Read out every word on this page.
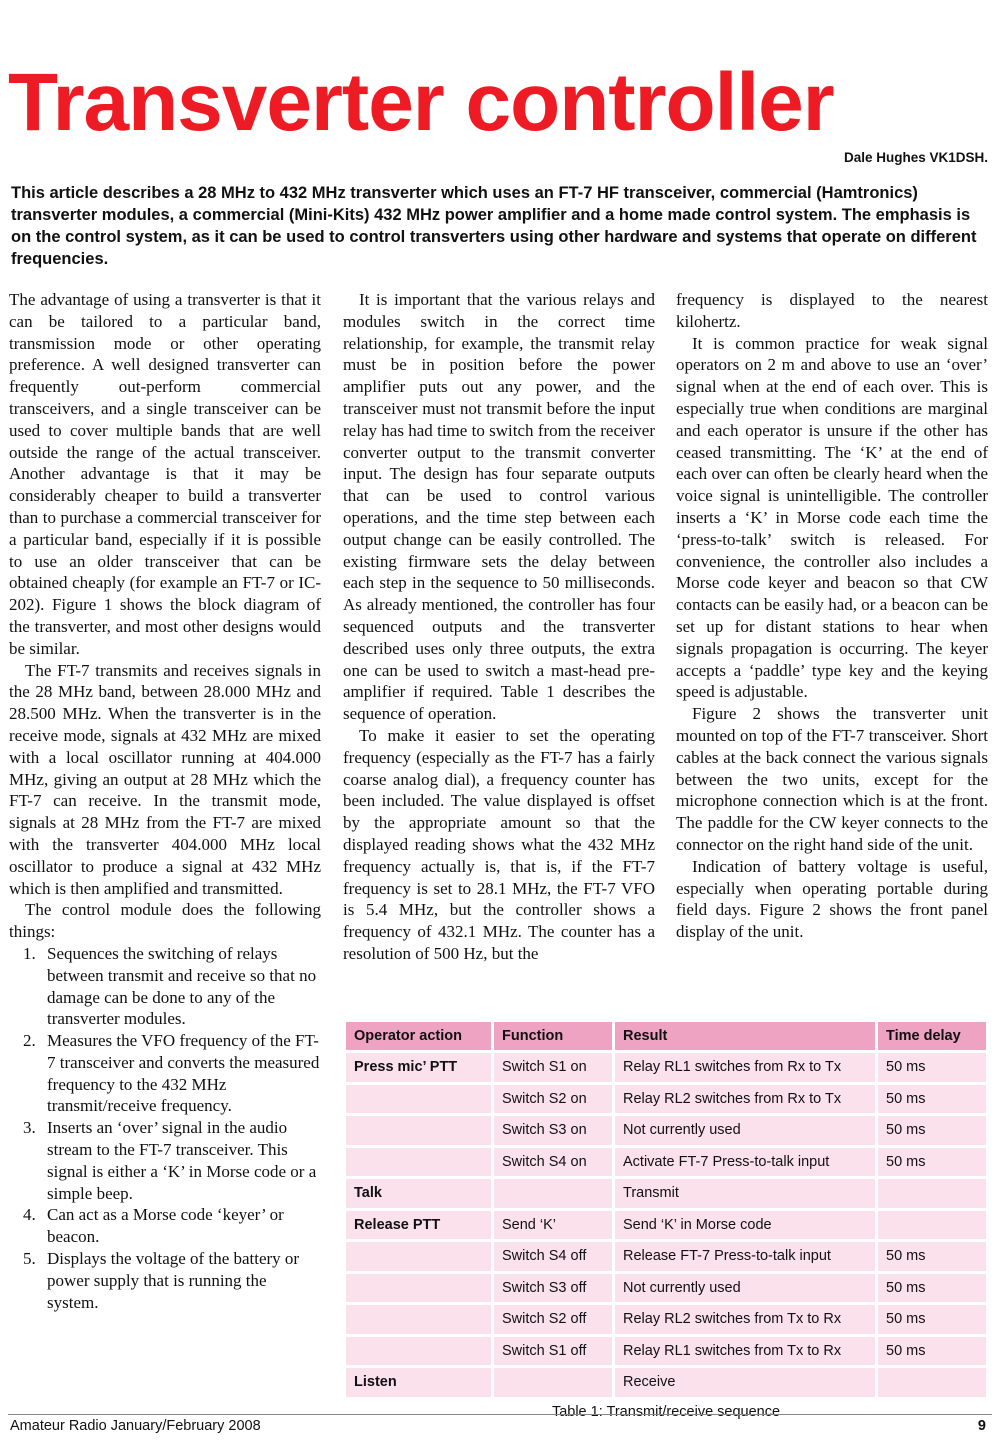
Transverter controller
Dale Hughes VK1DSH.

This article describes a 28 MHz to 432 MHz transverter which uses an FT-7 HF transceiver, commercial (Hamtronics) transverter modules, a commercial (Mini-Kits) 432 MHz power amplifier and a home made control system. The emphasis is on the control system, as it can be used to control transverters using other hardware and systems that operate on different frequencies.

The advantage of using a transverter is that it can be tailored to a particular band, transmission mode or other operating preference. A well designed transverter can frequently out-perform commercial transceivers, and a single transceiver can be used to cover multiple bands that are well outside the range of the actual transceiver. Another advantage is that it may be considerably cheaper to build a transverter than to purchase a commercial transceiver for a particular band, especially if it is possible to use an older transceiver that can be obtained cheaply (for example an FT-7 or IC-202). Figure 1 shows the block diagram of the transverter, and most other designs would be similar.

The FT-7 transmits and receives signals in the 28 MHz band, between 28.000 MHz and 28.500 MHz. When the transverter is in the receive mode, signals at 432 MHz are mixed with a local oscillator running at 404.000 MHz, giving an output at 28 MHz which the FT-7 can receive. In the transmit mode, signals at 28 MHz from the FT-7 are mixed with the transverter 404.000 MHz local oscillator to produce a signal at 432 MHz which is then amplified and transmitted.

The control module does the following things:

1. Sequences the switching of relays between transmit and receive so that no damage can be done to any of the transverter modules.
2. Measures the VFO frequency of the FT-7 transceiver and converts the measured frequency to the 432 MHz transmit/receive frequency.
3. Inserts an ‘over’ signal in the audio stream to the FT-7 transceiver. This signal is either a ‘K’ in Morse code or a simple beep.
4. Can act as a Morse code ‘keyer’ or beacon.
5. Displays the voltage of the battery or power supply that is running the system.

It is important that the various relays and modules switch in the correct time relationship, for example, the transmit relay must be in position before the power amplifier puts out any power, and the transceiver must not transmit before the input relay has had time to switch from the receiver converter output to the transmit converter input. The design has four separate outputs that can be used to control various operations, and the time step between each output change can be easily controlled. The existing firmware sets the delay between each step in the sequence to 50 milliseconds. As already mentioned, the controller has four sequenced outputs and the transverter described uses only three outputs, the extra one can be used to switch a mast-head pre-amplifier if required. Table 1 describes the sequence of operation.

To make it easier to set the operating frequency (especially as the FT-7 has a fairly coarse analog dial), a frequency counter has been included. The value displayed is offset by the appropriate amount so that the displayed reading shows what the 432 MHz frequency actually is, that is, if the FT-7 frequency is set to 28.1 MHz, the FT-7 VFO is 5.4 MHz, but the controller shows a frequency of 432.1 MHz. The counter has a resolution of 500 Hz, but the

frequency is displayed to the nearest kilohertz.

It is common practice for weak signal operators on 2 m and above to use an ‘over’ signal when at the end of each over. This is especially true when conditions are marginal and each operator is unsure if the other has ceased transmitting. The ‘K’ at the end of each over can often be clearly heard when the voice signal is unintelligible. The controller inserts a ‘K’ in Morse code each time the ‘press-to-talk’ switch is released. For convenience, the controller also includes a Morse code keyer and beacon so that CW contacts can be easily had, or a beacon can be set up for distant stations to hear when signals propagation is occurring. The keyer accepts a ‘paddle’ type key and the keying speed is adjustable.

Figure 2 shows the transverter unit mounted on top of the FT-7 transceiver. Short cables at the back connect the various signals between the two units, except for the microphone connection which is at the front. The paddle for the CW keyer connects to the connector on the right hand side of the unit.

Indication of battery voltage is useful, especially when operating portable during field days. Figure 2 shows the front panel display of the unit.

Operator action	Function	Result	Time delay
Press mic’ PTT	Switch S1 on	Relay RL1 switches from Rx to Tx	50 ms
	Switch S2 on	Relay RL2 switches from Rx to Tx	50 ms
	Switch S3 on	Not currently used	50 ms
	Switch S4 on	Activate FT-7 Press-to-talk input	50 ms
Talk		Transmit	
Release PTT	Send ‘K’	Send ‘K’ in Morse code	
	Switch S4 off	Release FT-7 Press-to-talk input	50 ms
	Switch S3 off	Not currently used	50 ms
	Switch S2 off	Relay RL2 switches from Tx to Rx	50 ms
	Switch S1 off	Relay RL1 switches from Tx to Rx	50 ms
Listen		Receive	
Table 1: Transmit/receive sequence
Amateur Radio January/February 2008	9
